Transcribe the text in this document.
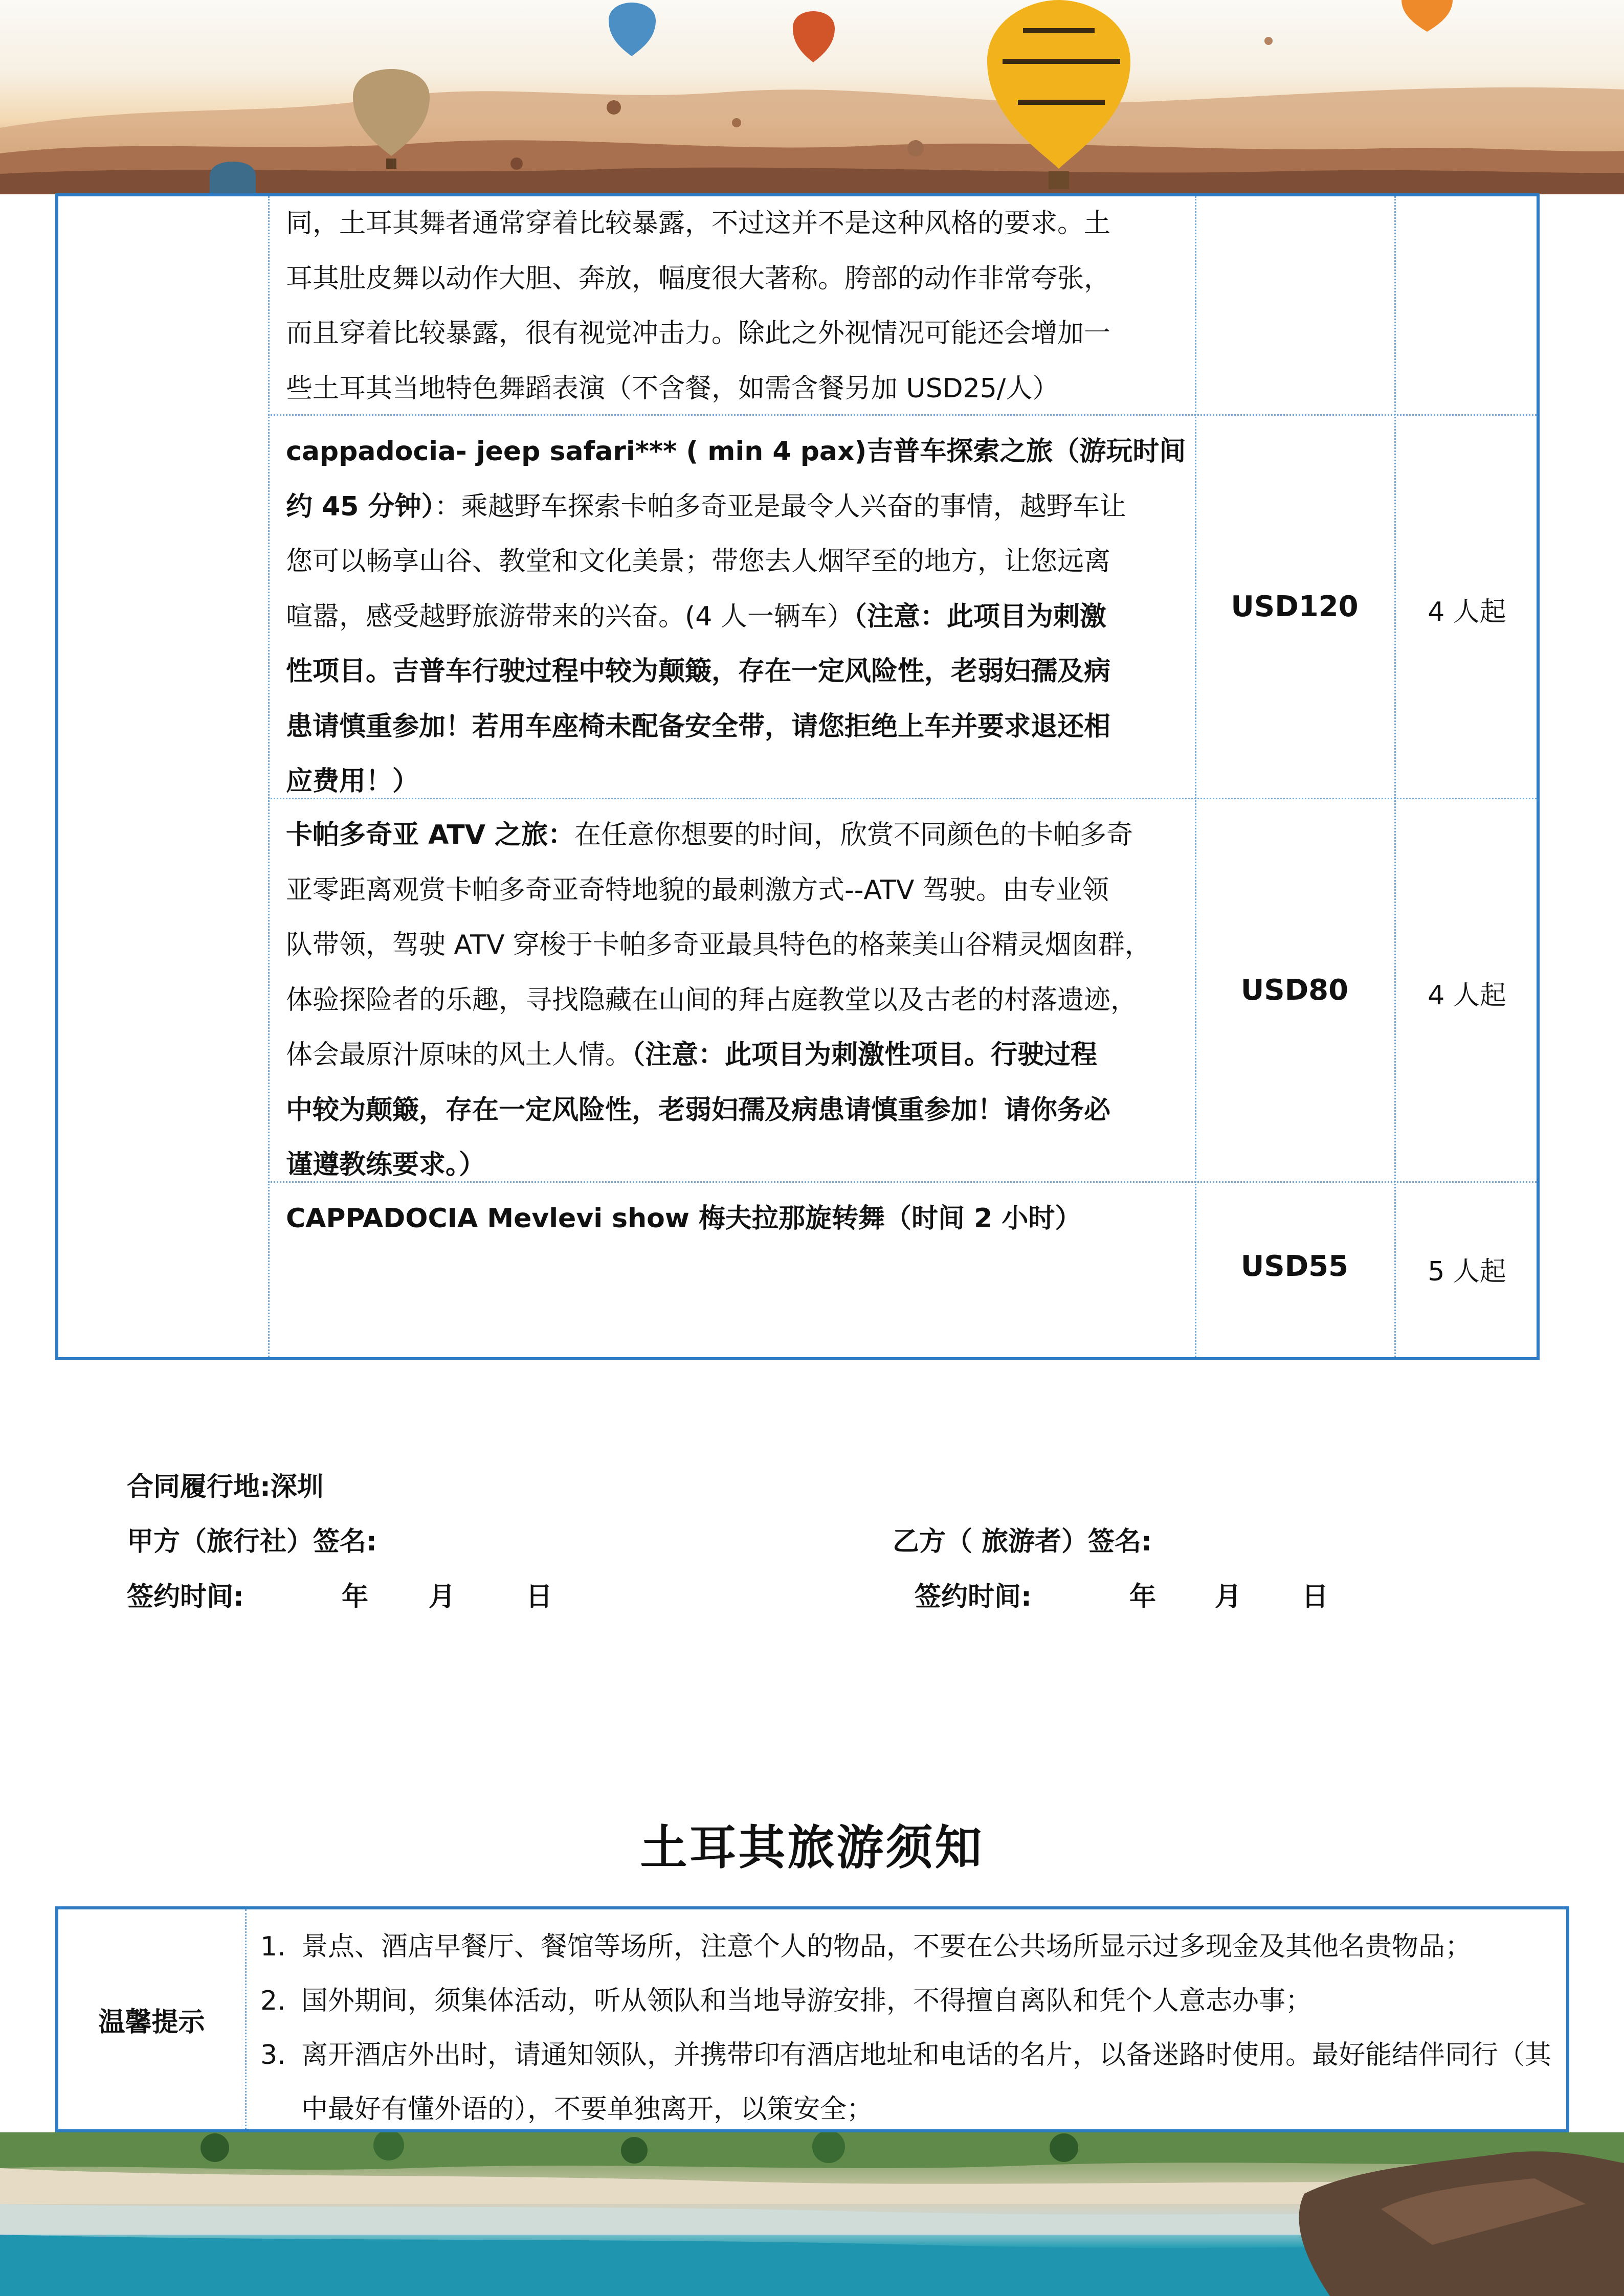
同，土耳其舞者通常穿着比较暴露，不过这并不是这种风格的要求。土
耳其肚皮舞以动作大胆、奔放，幅度很大著称。胯部的动作非常夸张，
而且穿着比较暴露，很有视觉冲击力。除此之外视情况可能还会增加一
些土耳其当地特色舞蹈表演（不含餐，如需含餐另加 USD25/人）
cappadocia- jeep safari*** ( min 4 pax)吉普车探索之旅（游玩时间
约 45 分钟）：乘越野车探索卡帕多奇亚是最令人兴奋的事情，越野车让
您可以畅享山谷、教堂和文化美景；带您去人烟罕至的地方，让您远离
喧嚣，感受越野旅游带来的兴奋。(4 人一辆车）（注意：此项目为刺激
性项目。吉普车行驶过程中较为颠簸，存在一定风险性，老弱妇孺及病
患请慎重参加！若用车座椅未配备安全带，请您拒绝上车并要求退还相
应费用！）
USD120	4 人起
卡帕多奇亚 ATV 之旅：在任意你想要的时间，欣赏不同颜色的卡帕多奇
亚零距离观赏卡帕多奇亚奇特地貌的最刺激方式--ATV 驾驶。由专业领
队带领，驾驶 ATV 穿梭于卡帕多奇亚最具特色的格莱美山谷精灵烟囱群，
体验探险者的乐趣，寻找隐藏在山间的拜占庭教堂以及古老的村落遗迹，
体会最原汁原味的风土人情。（注意：此项目为刺激性项目。行驶过程
中较为颠簸，存在一定风险性，老弱妇孺及病患请慎重参加！请你务必
谨遵教练要求。）
USD80	4 人起
CAPPADOCIA Mevlevi show 梅夫拉那旋转舞（时间 2 小时）
USD55	5 人起
合同履行地:深圳
甲方（旅行社）签名:	乙方（ 旅游者）签名:
签约时间:	年 月	日	签约时间:	年 月 日
土耳其旅游须知
温馨提示
1. 景点、酒店早餐厅、餐馆等场所，注意个人的物品，不要在公共场所显示过多现金及其他名贵物品；
2. 国外期间，须集体活动，听从领队和当地导游安排，不得擅自离队和凭个人意志办事；
3. 离开酒店外出时，请通知领队，并携带印有酒店地址和电话的名片，以备迷路时使用。最好能结伴同行（其中最好有懂外语的），不要单独离开，以策安全；
